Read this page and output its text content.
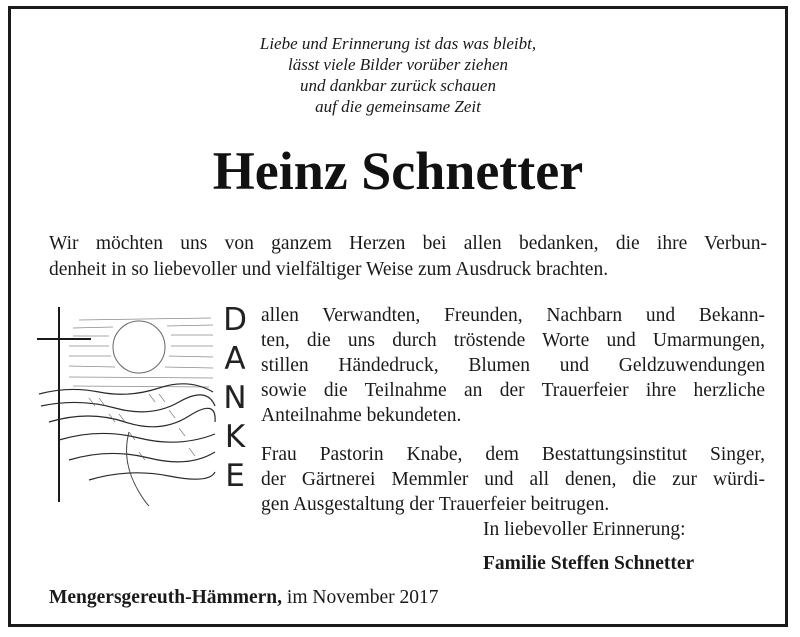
Liebe und Erinnerung ist das was bleibt,
lässt viele Bilder vorüber ziehen
und dankbar zurück schauen
auf die gemeinsame Zeit
Heinz Schnetter
Wir möchten uns von ganzem Herzen bei allen bedanken, die ihre Verbun-
denheit in so liebevoller und vielfältiger Weise zum Ausdruck brachten.
D
A
N
K
E
allen Verwandten, Freunden, Nachbarn und Bekann-
ten, die uns durch tröstende Worte und Umarmungen,
stillen Händedruck, Blumen und Geldzuwendungen
sowie die Teilnahme an der Trauerfeier ihre herzliche
Anteilnahme bekundeten.
Frau Pastorin Knabe, dem Bestattungsinstitut Singer,
der Gärtnerei Memmler und all denen, die zur würdi-
gen Ausgestaltung der Trauerfeier beitrugen.
In liebevoller Erinnerung:
Familie Steffen Schnetter
Mengersgereuth-Hämmern, im November 2017
